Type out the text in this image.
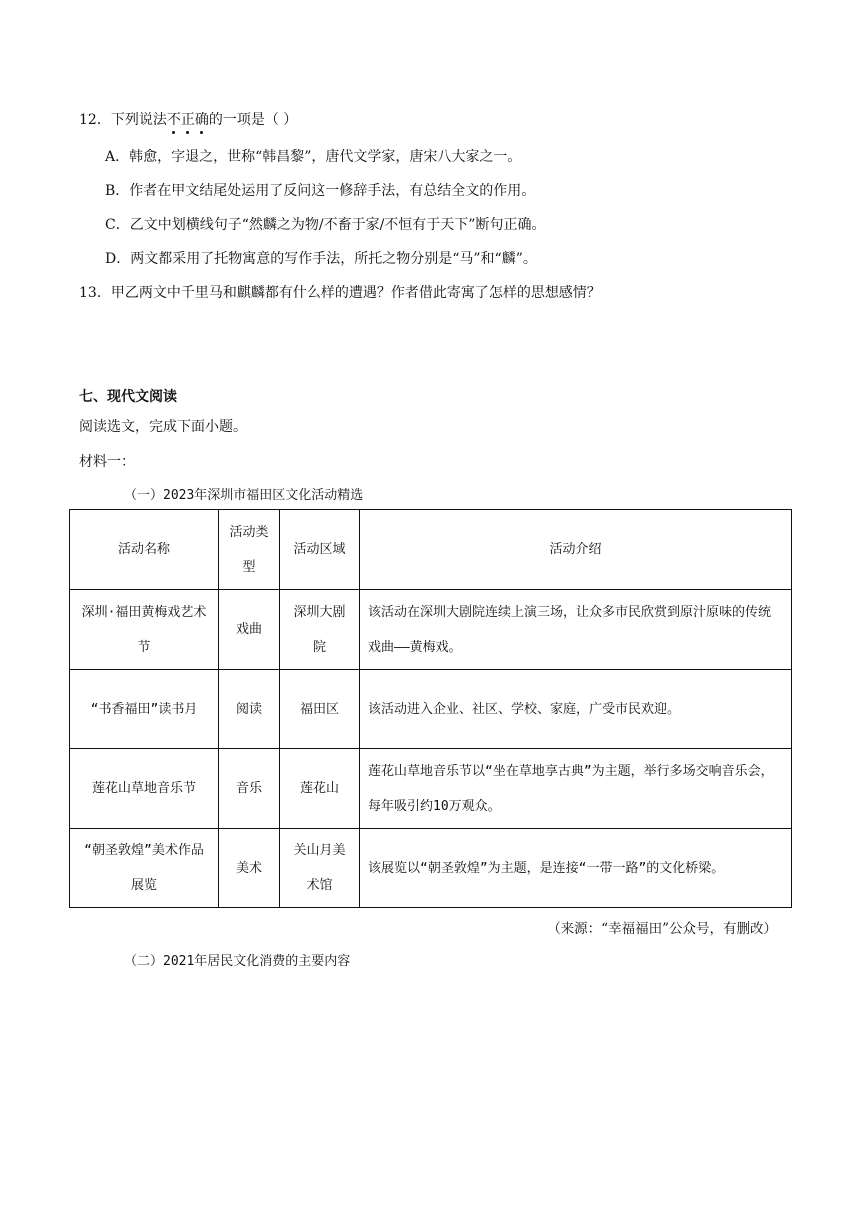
12．下列说法不正确的一项是（ ）
A．韩愈，字退之，世称“韩昌黎”，唐代文学家，唐宋八大家之一。
B．作者在甲文结尾处运用了反问这一修辞手法，有总结全文的作用。
C．乙文中划横线句子“然麟之为物/不畜于家/不恒有于天下”断句正确。
D．两文都采用了托物寓意的写作手法，所托之物分别是“马”和“麟”。
13．甲乙两文中千里马和麒麟都有什么样的遭遇？作者借此寄寓了怎样的思想感情？
七、现代文阅读
阅读选文，完成下面小题。
材料一：
（一）2023年深圳市福田区文化活动精选
活动名称	活动类型	活动区域	活动介绍
深圳·福田黄梅戏艺术节	戏曲	深圳大剧院	该活动在深圳大剧院连续上演三场，让众多市民欣赏到原汁原味的传统戏曲——黄梅戏。
“书香福田”读书月	阅读	福田区	该活动进入企业、社区、学校、家庭，广受市民欢迎。
莲花山草地音乐节	音乐	莲花山	莲花山草地音乐节以“坐在草地享古典”为主题，举行多场交响音乐会，每年吸引约10万观众。
“朝圣敦煌”美术作品展览	美术	关山月美术馆	该展览以“朝圣敦煌”为主题，是连接“一带一路”的文化桥梁。
（来源：“幸福福田”公众号，有删改）
（二）2021年居民文化消费的主要内容
